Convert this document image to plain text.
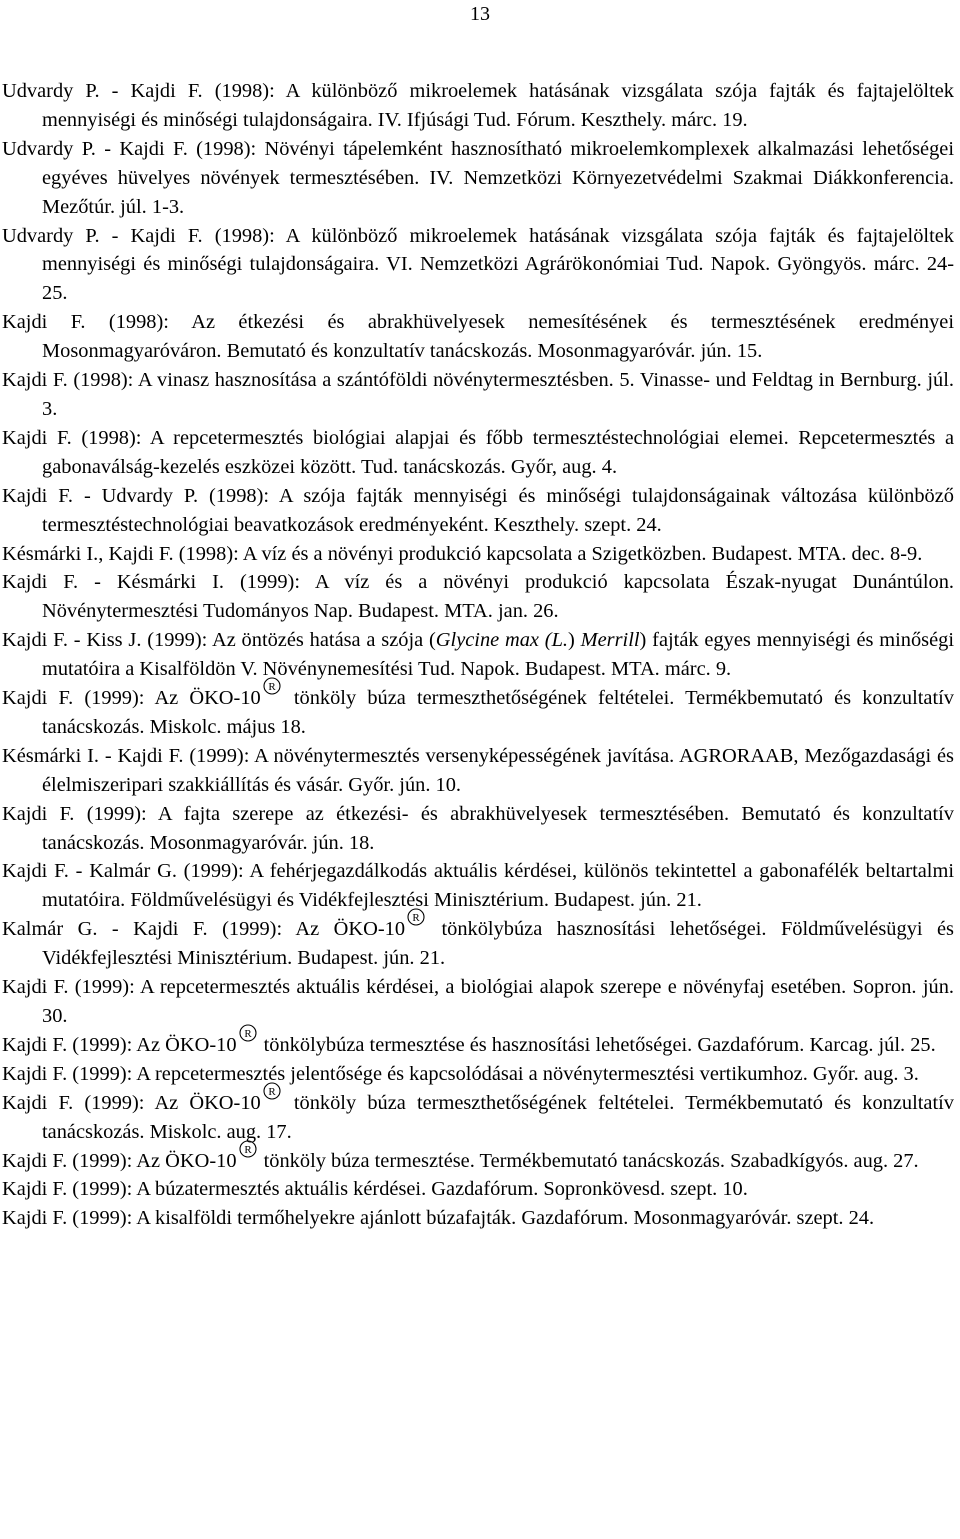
13

Udvardy P. - Kajdi F. (1998): A különböző mikroelemek hatásának vizsgálata szója fajták és fajtajelöltek mennyiségi és minőségi tulajdonságaira. IV. Ifjúsági Tud. Fórum. Keszthely. márc. 19.

Udvardy P. - Kajdi F. (1998): Növényi tápelemként hasznosítható mikroelemkomplexek alkalmazási lehetőségei egyéves hüvelyes növények termesztésében. IV. Nemzetközi Környezetvédelmi Szakmai Diákkonferencia. Mezőtúr. júl. 1-3.

Udvardy P. - Kajdi F. (1998): A különböző mikroelemek hatásának vizsgálata szója fajták és fajtajelöltek mennyiségi és minőségi tulajdonságaira. VI. Nemzetközi Agrárökonómiai Tud. Napok. Gyöngyös. márc. 24-25.

Kajdi F. (1998): Az étkezési és abrakhüvelyesek nemesítésének és termesztésének eredményei Mosonmagyaróváron. Bemutató és konzultatív tanácskozás. Mosonmagyaróvár. jún. 15.

Kajdi F. (1998): A vinasz hasznosítása a szántóföldi növénytermesztésben. 5. Vinasse- und Feldtag in Bernburg. júl. 3.

Kajdi F. (1998): A repcetermesztés biológiai alapjai és főbb termesztéstechnológiai elemei. Repcetermesztés a gabonaválság-kezelés eszközei között. Tud. tanácskozás. Győr, aug. 4.

Kajdi F. - Udvardy P. (1998): A szója fajták mennyiségi és minőségi tulajdonságainak változása különböző termesztéstechnológiai beavatkozások eredményeként. Keszthely. szept. 24.

Késmárki I., Kajdi F. (1998): A víz és a növényi produkció kapcsolata a Szigetközben. Budapest. MTA. dec. 8-9.

Kajdi F. - Késmárki I. (1999): A víz és a növényi produkció kapcsolata Észak-nyugat Dunántúlon. Növénytermesztési Tudományos Nap. Budapest. MTA. jan. 26.

Kajdi F. - Kiss J. (1999): Az öntözés hatása a szója (Glycine max (L.) Merrill) fajták egyes mennyiségi és minőségi mutatóira a Kisalföldön V. Növénynemesítési Tud. Napok. Budapest. MTA. márc. 9.

Kajdi F. (1999): Az ÖKO-10 R tönköly búza termeszthetőségének feltételei. Termékbemutató és konzultatív tanácskozás. Miskolc. május 18.

Késmárki I. - Kajdi F. (1999): A növénytermesztés versenyképességének javítása. AGRORAAB, Mezőgazdasági és élelmiszeripari szakkiállítás és vásár. Győr. jún. 10.

Kajdi F. (1999): A fajta szerepe az étkezési- és abrakhüvelyesek termesztésében. Bemutató és konzultatív tanácskozás. Mosonmagyaróvár. jún. 18.

Kajdi F. - Kalmár G. (1999): A fehérjegazdálkodás aktuális kérdései, különös tekintettel a gabonafélék beltartalmi mutatóira. Földművelésügyi és Vidékfejlesztési Minisztérium. Budapest. jún. 21.

Kalmár G. - Kajdi F. (1999): Az ÖKO-10 R tönkölybúza hasznosítási lehetőségei. Földművelésügyi és Vidékfejlesztési Minisztérium. Budapest. jún. 21.

Kajdi F. (1999): A repcetermesztés aktuális kérdései, a biológiai alapok szerepe e növényfaj esetében. Sopron. jún. 30.

Kajdi F. (1999): Az ÖKO-10 R tönkölybúza termesztése és hasznosítási lehetőségei. Gazdafórum. Karcag. júl. 25.

Kajdi F. (1999): A repcetermesztés jelentősége és kapcsolódásai a növénytermesztési vertikumhoz. Győr. aug. 3.

Kajdi F. (1999): Az ÖKO-10 R tönköly búza termeszthetőségének feltételei. Termékbemutató és konzultatív tanácskozás. Miskolc. aug. 17.

Kajdi F. (1999): Az ÖKO-10 R tönköly búza termesztése. Termékbemutató tanácskozás. Szabadkígyós. aug. 27.

Kajdi F. (1999): A búzatermesztés aktuális kérdései. Gazdafórum. Sopronkövesd. szept. 10.

Kajdi F. (1999): A kisalföldi termőhelyekre ajánlott búzafajták. Gazdafórum. Mosonmagyaróvár. szept. 24.
